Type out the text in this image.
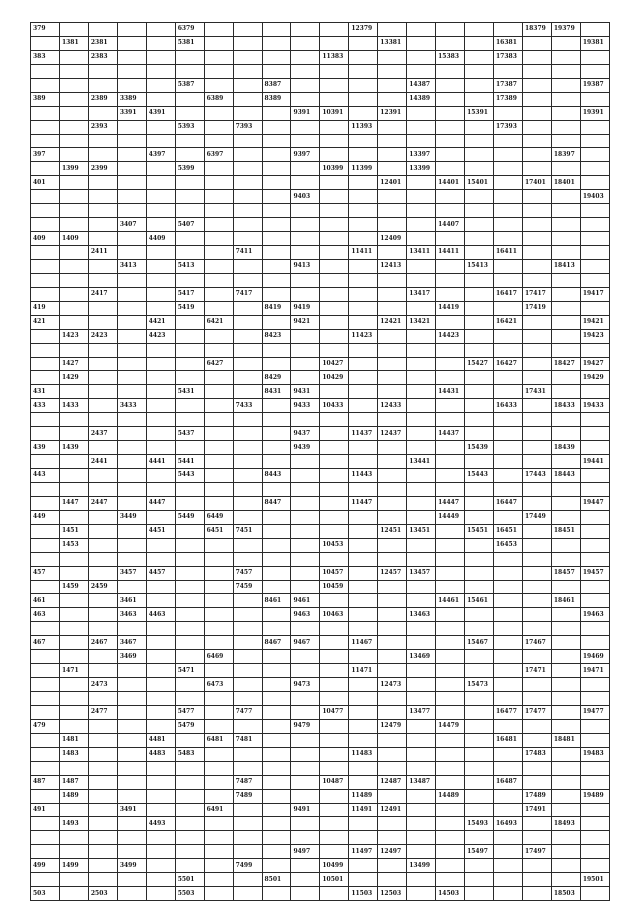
379					6379						12379						18379	19379	
	1381	2381			5381							13381				16381			19381
383		2383								11383				15383		17383			

					5387			8387					14387			17387			19387
389		2389	3389			6389		8389					14389			17389			
			3391	4391					9391	10391		12391			15391				19391
		2393			5393		7393				11393					17393			

397				4397		6397			9397				13397					18397	
	1399	2399			5399					10399	11399		13399						
401												12401		14401	15401		17401	18401	
									9403										19403

			3407		5407									14407					
409	1409			4409								12409							
		2411					7411				11411		13411	14411		16411			
			3413		5413				9413			12413			15413			18413	

		2417			5417		7417						13417			16417	17417		19417
419					5419			8419	9419					14419			17419		
421				4421		6421			9421			12421	13421			16421			19421
	1423	2423		4423				8423			11423			14423					19423

	1427					6427				10427					15427	16427		18427	19427
	1429							8429		10429									19429
431					5431			8431	9431					14431			17431		
433	1433		3433				7433		9433	10433		12433				16433		18433	19433

		2437			5437				9437		11437	12437		14437					
439	1439								9439						15439			18439	
		2441		4441	5441								13441						19441
443					5443			8443			11443				15443		17443	18443	

	1447	2447		4447				8447			11447			14447		16447			19447
449			3449		5449	6449								14449			17449		
	1451			4451		6451	7451					12451	13451		15451	16451		18451	
	1453									10453						16453			

457			3457	4457			7457			10457		12457	13457					18457	19457
	1459	2459					7459			10459									
461			3461					8461	9461					14461	15461			18461	
463			3463	4463					9463	10463			13463						19463

467		2467	3467					8467	9467		11467				15467		17467		
			3469			6469							13469						19469
	1471				5471						11471						17471		19471
		2473				6473			9473			12473			15473				

		2477			5477		7477			10477			13477			16477	17477		19477
479					5479				9479			12479		14479					
	1481			4481		6481	7481									16481		18481	
	1483			4483	5483						11483						17483		19483

487	1487						7487			10487		12487	13487			16487			
	1489						7489				11489			14489			17489		19489
491			3491			6491			9491		11491	12491					17491		
	1493			4493											15493	16493		18493	

									9497		11497	12497			15497		17497		
499	1499		3499				7499			10499			13499						
					5501			8501		10501									19501
503		2503			5503						11503	12503		14503				18503	
